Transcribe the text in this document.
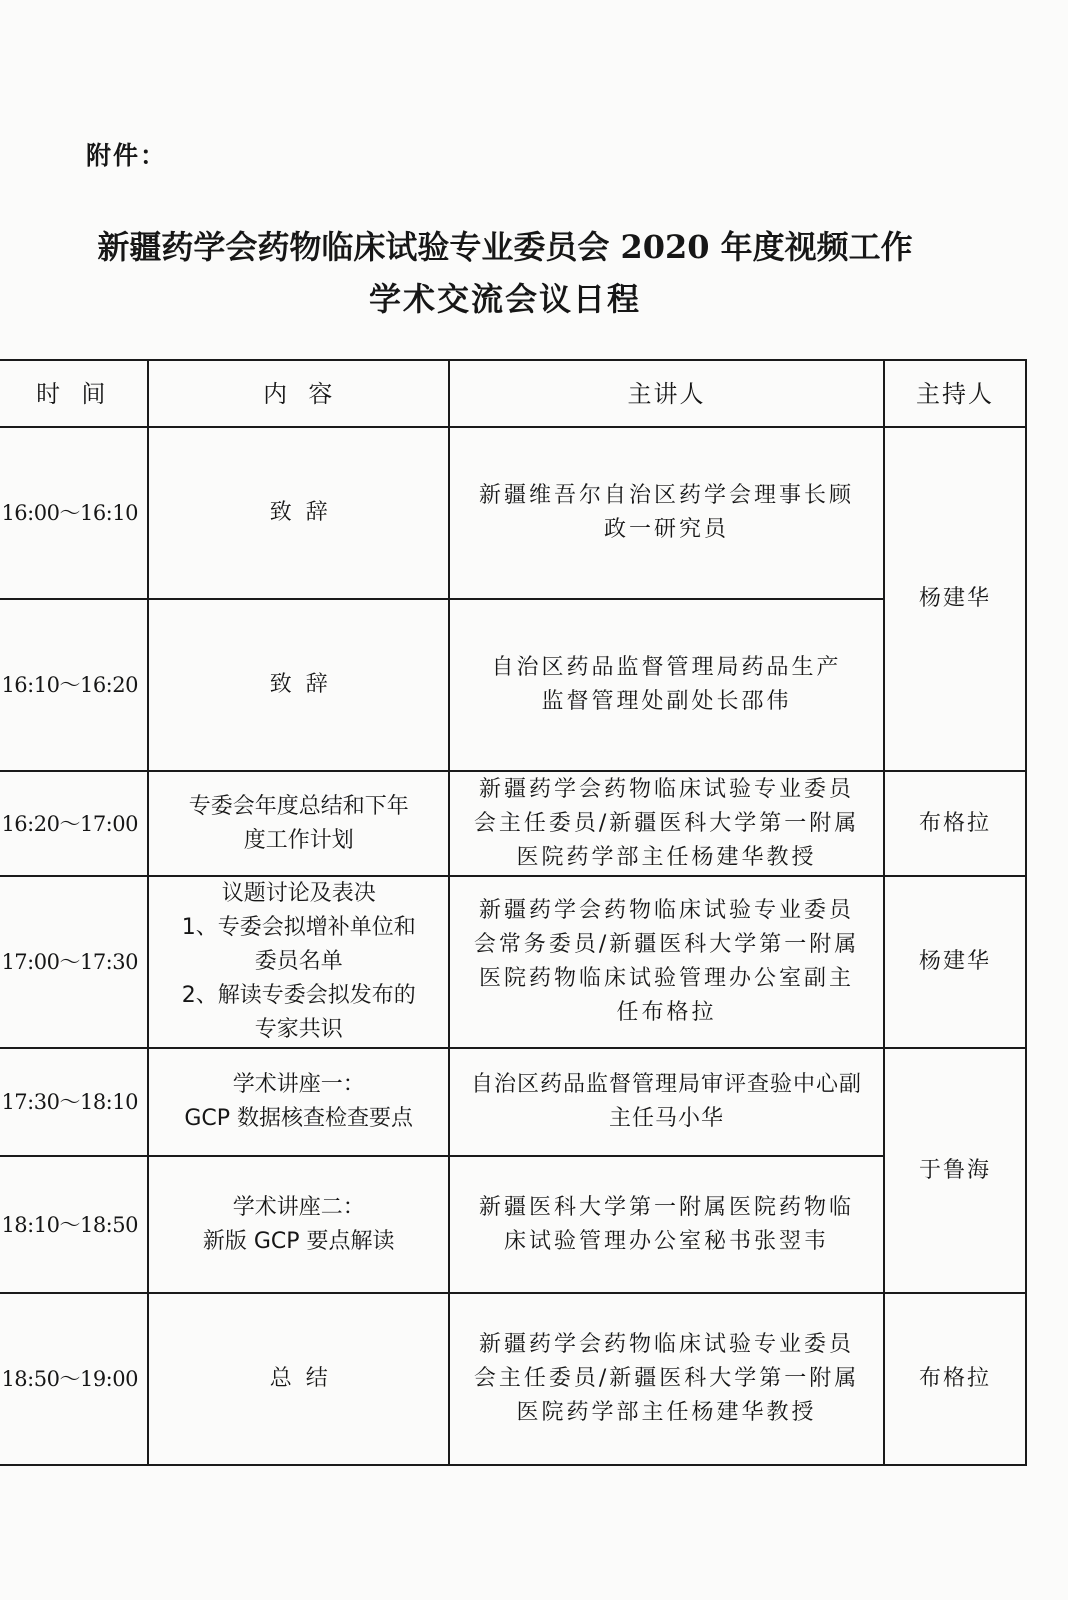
附件：
新疆药学会药物临床试验专业委员会 2020 年度视频工作
学术交流会议日程
时  间	内  容	主讲人	主持人

16:00～16:10	致  辞	新疆维吾尔自治区药学会理事长顾
政一研究员	杨建华

16:10～16:20	致  辞	自治区药品监督管理局药品生产
监督管理处副处长邵伟	

16:20～17:00	专委会年度总结和下年
度工作计划	新疆药学会药物临床试验专业委员
会主任委员/新疆医科大学第一附属
医院药学部主任杨建华教授	布格拉

17:00～17:30	议题讨论及表决
1、专委会拟增补单位和
委员名单
2、解读专委会拟发布的
专家共识	新疆药学会药物临床试验专业委员
会常务委员/新疆医科大学第一附属
医院药物临床试验管理办公室副主
任布格拉	杨建华

17:30～18:10	学术讲座一：
GCP 数据核查检查要点	自治区药品监督管理局审评查验中心副
主任马小华	于鲁海

18:10～18:50	学术讲座二：
新版 GCP 要点解读	新疆医科大学第一附属医院药物临
床试验管理办公室秘书张翌韦	

18:50～19:00	总  结	新疆药学会药物临床试验专业委员
会主任委员/新疆医科大学第一附属
医院药学部主任杨建华教授	布格拉
